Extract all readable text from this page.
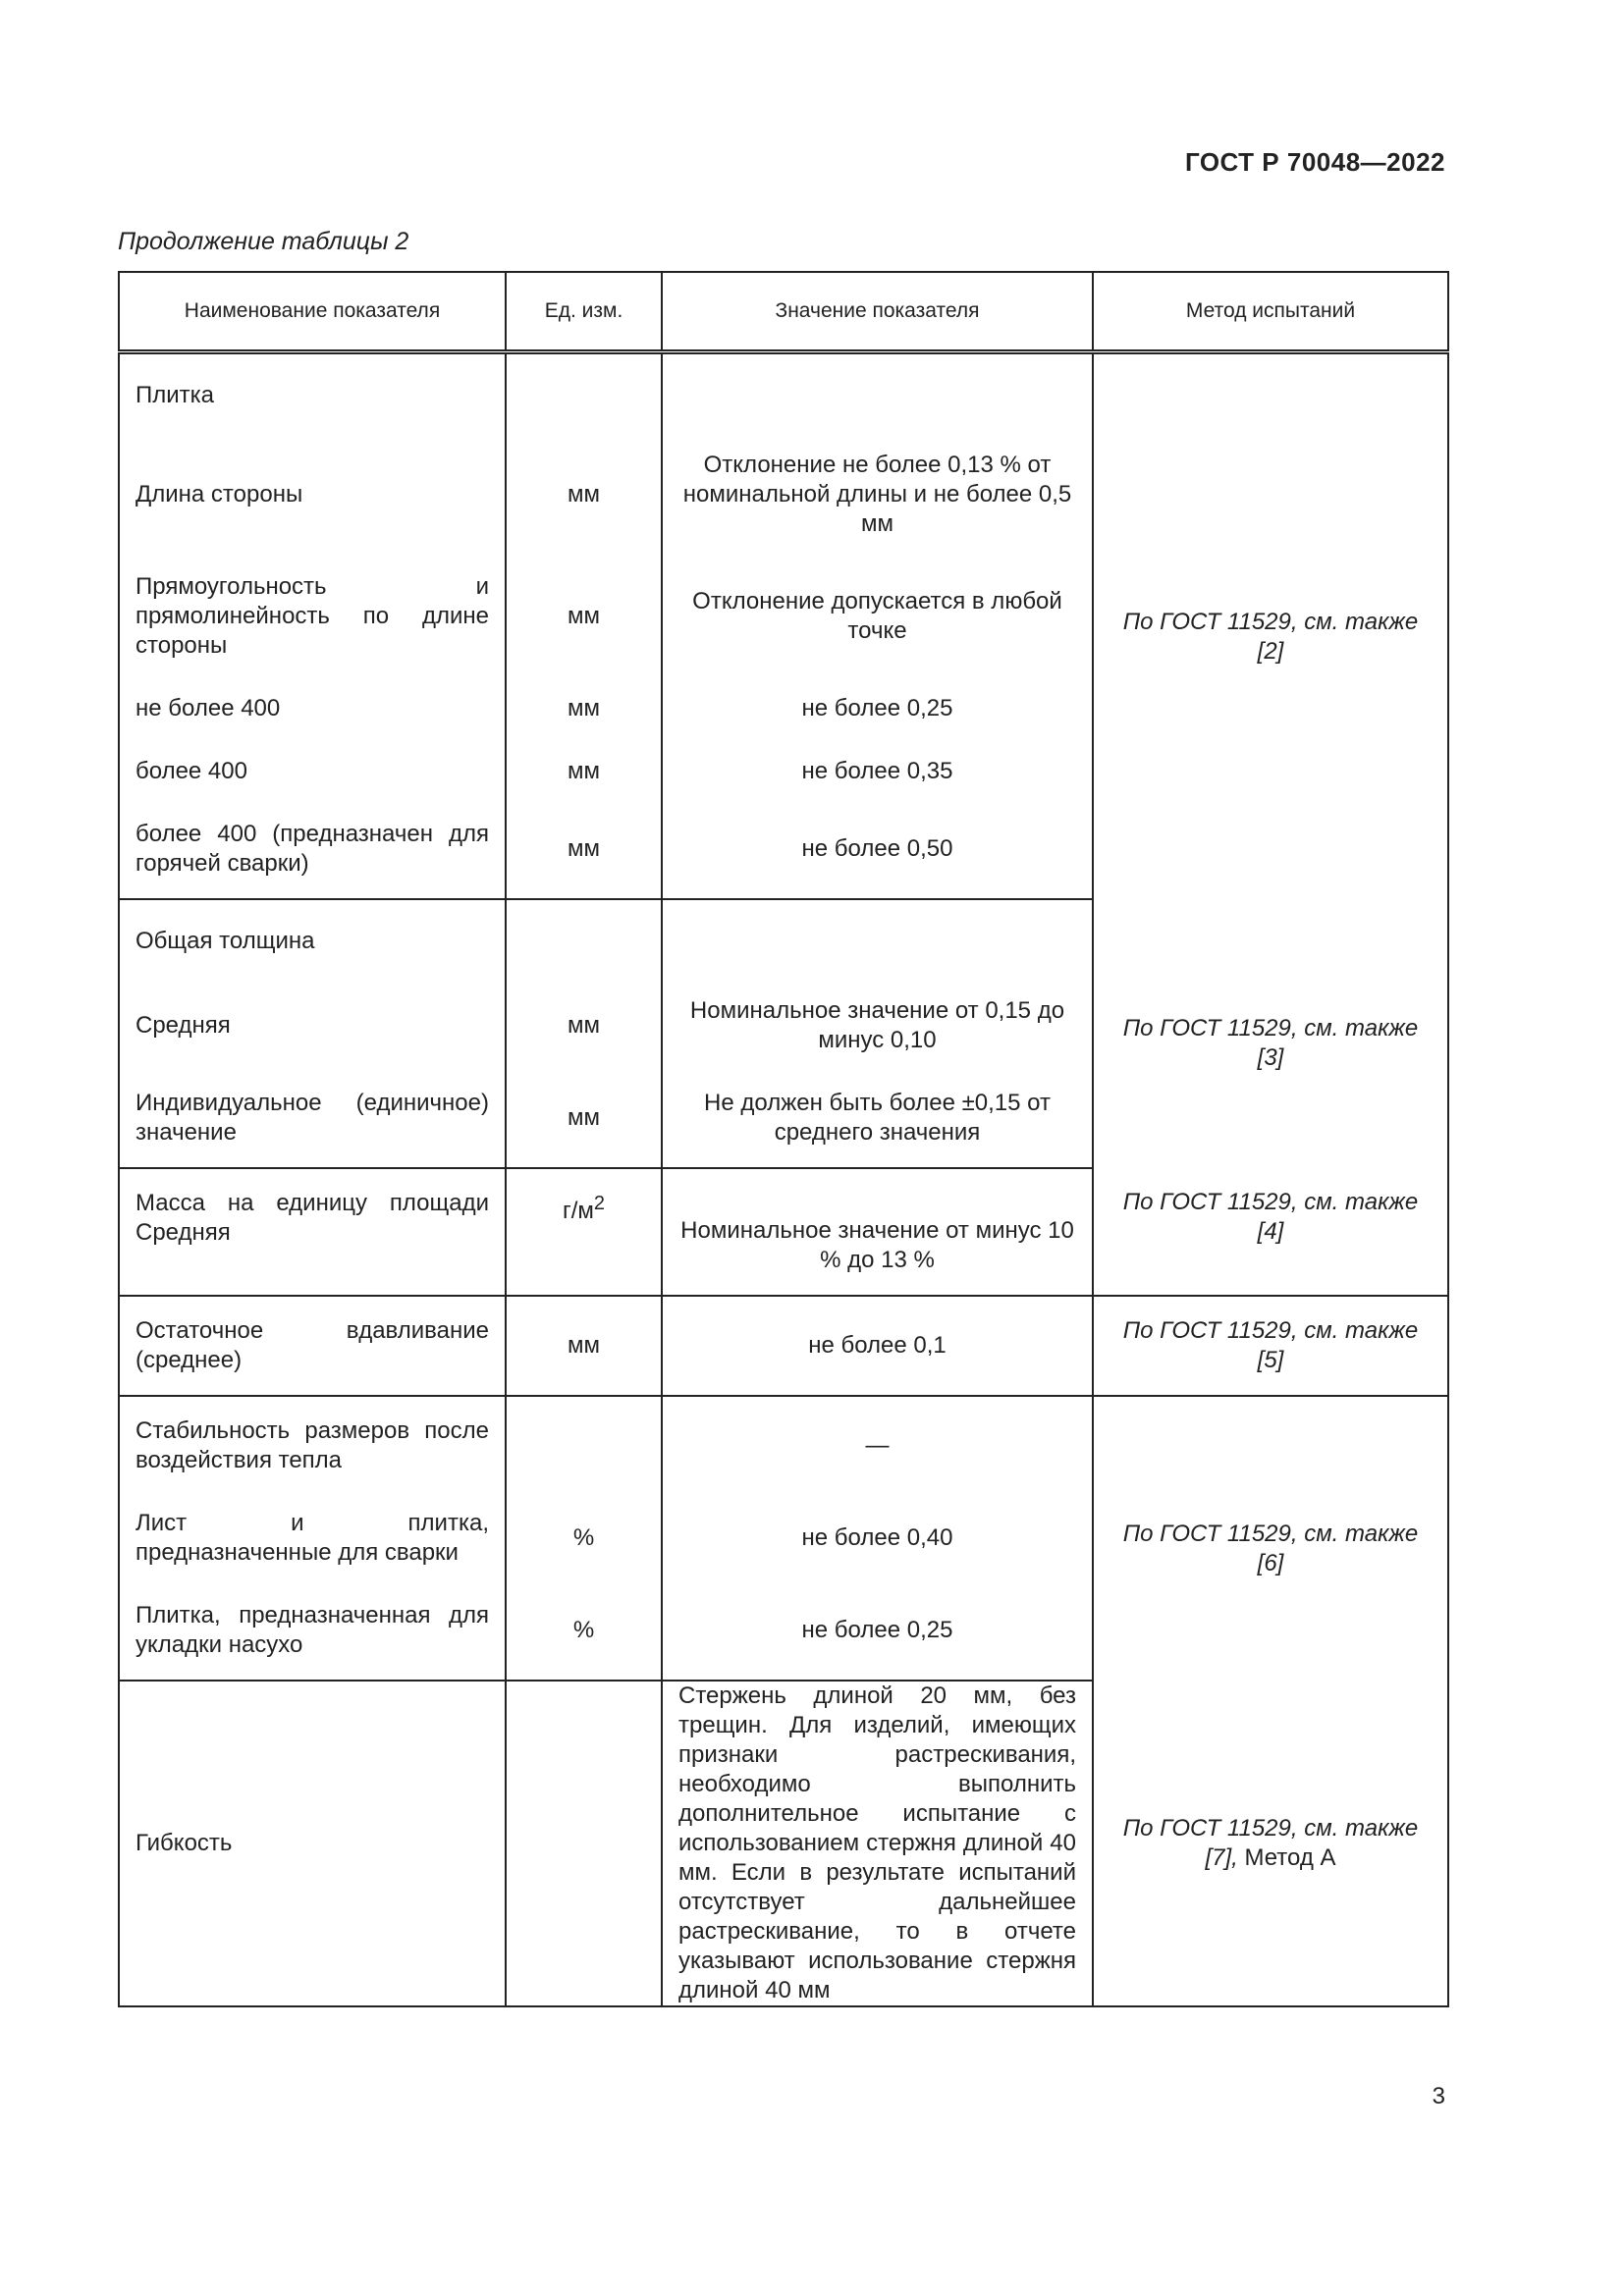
ГОСТ Р 70048—2022
Продолжение таблицы 2
Наименование показателя	Ед. изм.	Значение показателя	Метод испытаний
Плитка			По ГОСТ 11529, см. также [2]
Длина стороны	мм	Отклонение не более 0,13 % от номинальной длины и не более 0,5 мм	
Прямоугольность и прямолинейность по длине стороны	мм	Отклонение допускается в любой точке	
не более 400	мм	не более 0,25	
более 400	мм	не более 0,35	
более 400 (предназначен для горячей сварки)	мм	не более 0,50	
Общая толщина			По ГОСТ 11529, см. также [3]
Средняя	мм	Номинальное значение от 0,15 до минус 0,10	
Индивидуальное (единичное) значение	мм	Не должен быть более ±0,15 от среднего значения	
Масса на единицу площади Средняя	$г/м^2$	Номинальное значение от минус 10 % до 13 %	По ГОСТ 11529, см. также [4]
Остаточное вдавливание (среднее)	мм	не более 0,1	По ГОСТ 11529, см. также [5]
Стабильность размеров после воздействия тепла		—	По ГОСТ 11529, см. также [6]
Лист и плитка, предназначенные для сварки	%	не более 0,40	
Плитка, предназначенная для укладки насухо	%	не более 0,25	
Гибкость		Стержень длиной 20 мм, без трещин. Для изделий, имеющих признаки растрескивания, необходимо выполнить дополнительное испытание с использованием стержня длиной 40 мм. Если в результате испытаний отсутствует дальнейшее растрескивание, то в отчете указывают использование стержня длиной 40 мм	По ГОСТ 11529, см. также [7], Метод А
3
